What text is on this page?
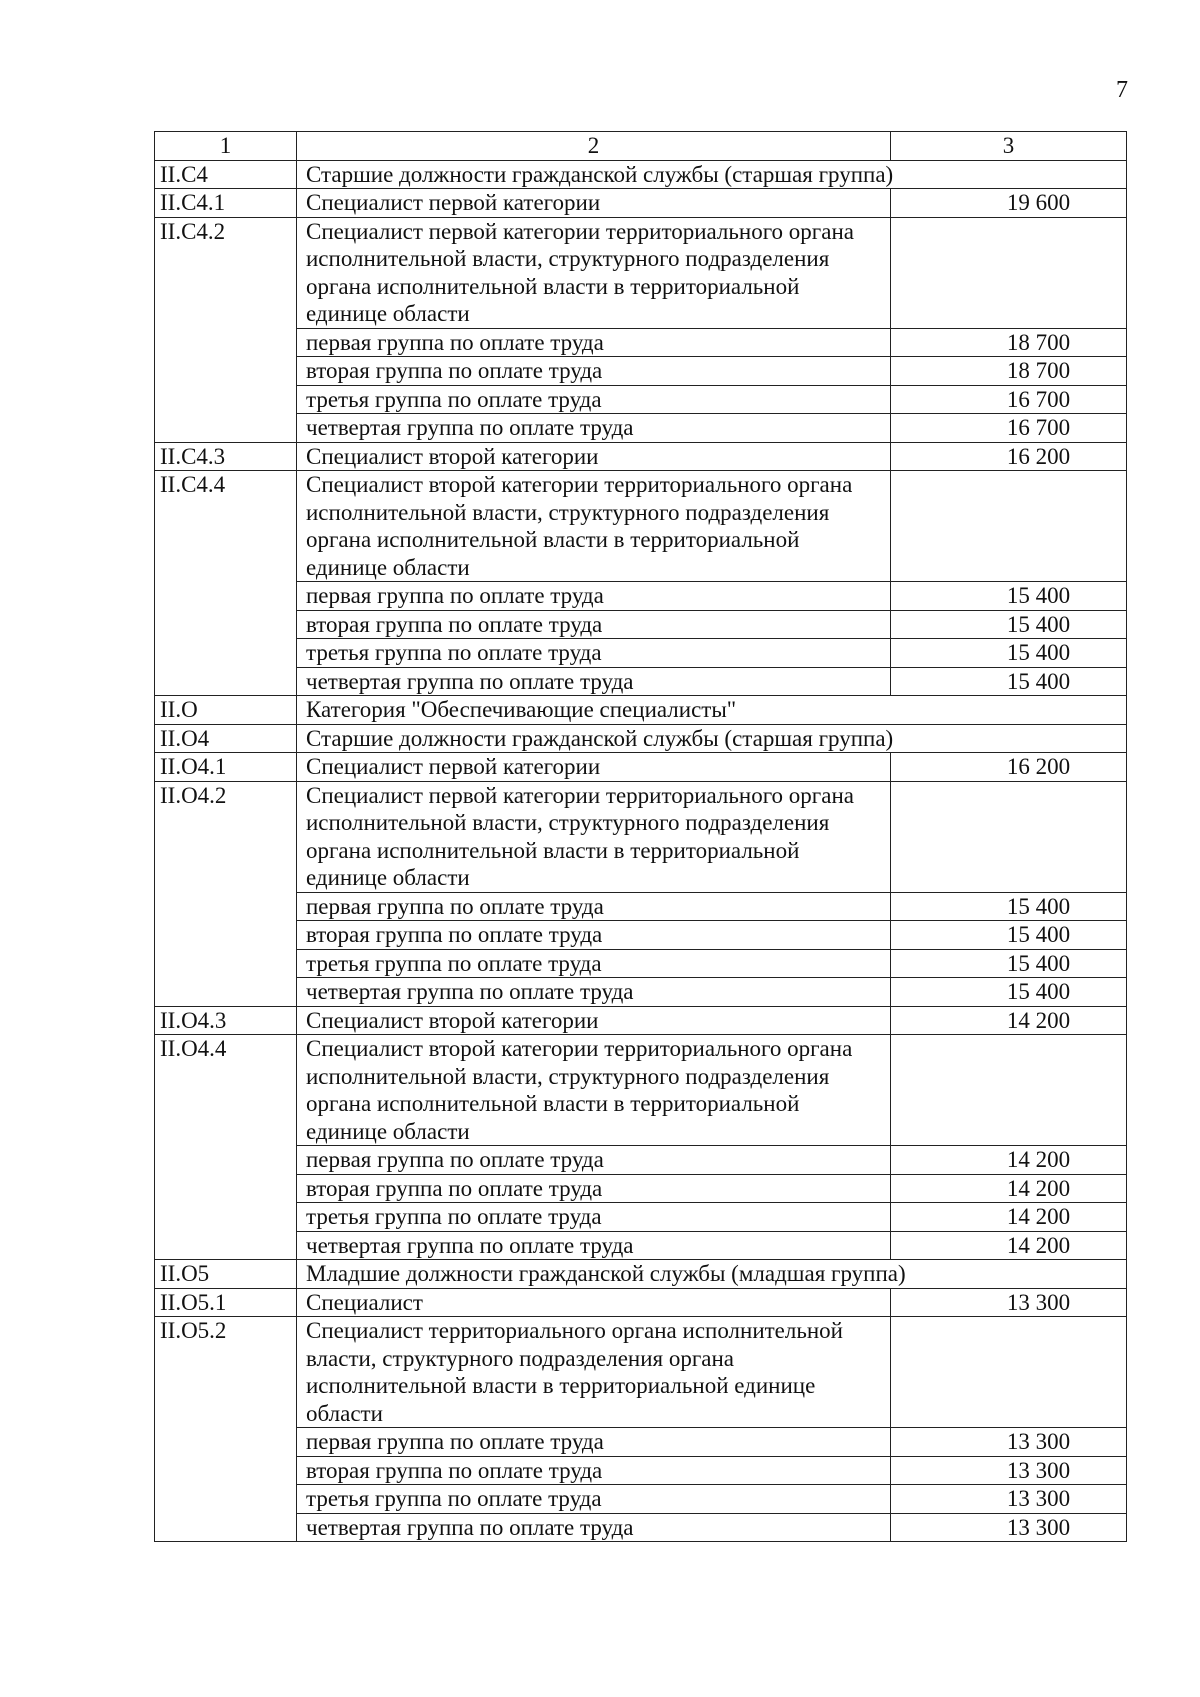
7
1	2	3
II.С4	Старшие должности гражданской службы (старшая группа)	
II.С4.1	Специалист первой категории	19 600
II.С4.2	Специалист первой категории территориального органа исполнительной власти, структурного подразделения органа исполнительной власти в территориальной единице области	
	первая группа по оплате труда	18 700
	вторая группа по оплате труда	18 700
	третья группа по оплате труда	16 700
	четвертая группа по оплате труда	16 700
II.С4.3	Специалист второй категории	16 200
II.С4.4	Специалист второй категории территориального органа исполнительной власти, структурного подразделения органа исполнительной власти в территориальной единице области	
	первая группа по оплате труда	15 400
	вторая группа по оплате труда	15 400
	третья группа по оплате труда	15 400
	четвертая группа по оплате труда	15 400
II.О	Категория "Обеспечивающие специалисты"	
II.О4	Старшие должности гражданской службы (старшая группа)	
II.О4.1	Специалист первой категории	16 200
II.О4.2	Специалист первой категории территориального органа исполнительной власти, структурного подразделения органа исполнительной власти в территориальной единице области	
	первая группа по оплате труда	15 400
	вторая группа по оплате труда	15 400
	третья группа по оплате труда	15 400
	четвертая группа по оплате труда	15 400
II.О4.3	Специалист второй категории	14 200
II.О4.4	Специалист второй категории территориального органа исполнительной власти, структурного подразделения органа исполнительной власти в территориальной единице области	
	первая группа по оплате труда	14 200
	вторая группа по оплате труда	14 200
	третья группа по оплате труда	14 200
	четвертая группа по оплате труда	14 200
II.О5	Младшие должности гражданской службы (младшая группа)	
II.О5.1	Специалист	13 300
II.О5.2	Специалист территориального органа исполнительной власти, структурного подразделения органа исполнительной власти в территориальной единице области	
	первая группа по оплате труда	13 300
	вторая группа по оплате труда	13 300
	третья группа по оплате труда	13 300
	четвертая группа по оплате труда	13 300
